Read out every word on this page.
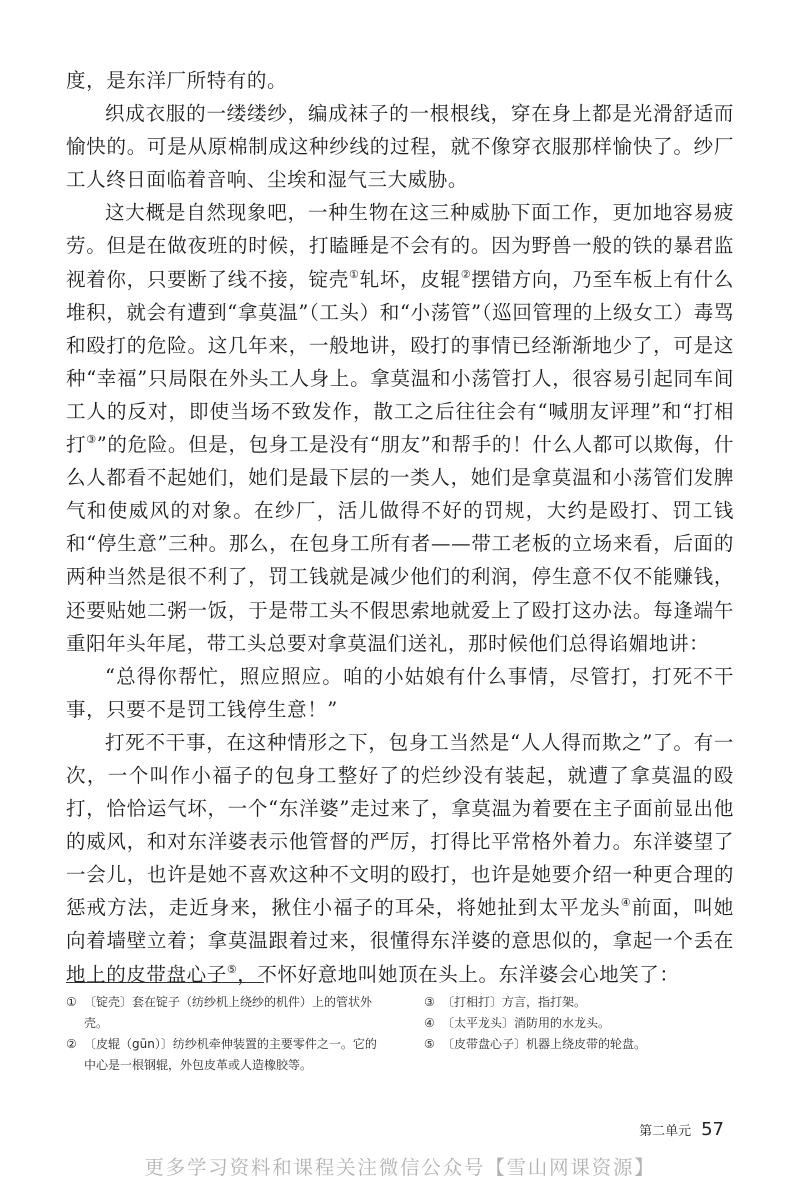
度，是东洋厂所特有的。

织成衣服的一缕缕纱，编成袜子的一根根线，穿在身上都是光滑舒适而愉快的。可是从原棉制成这种纱线的过程，就不像穿衣服那样愉快了。纱厂工人终日面临着音响、尘埃和湿气三大威胁。

这大概是自然现象吧，一种生物在这三种威胁下面工作，更加地容易疲劳。但是在做夜班的时候，打瞌睡是不会有的。因为野兽一般的铁的暴君监视着你，只要断了线不接，锭壳①轧坏，皮辊②摆错方向，乃至车板上有什么堆积，就会有遭到“拿莫温”（工头）和“小荡管”（巡回管理的上级女工）毒骂和殴打的危险。这几年来，一般地讲，殴打的事情已经渐渐地少了，可是这种“幸福”只局限在外头工人身上。拿莫温和小荡管打人，很容易引起同车间工人的反对，即使当场不致发作，散工之后往往会有“喊朋友评理”和“打相打③”的危险。但是，包身工是没有“朋友”和帮手的！什么人都可以欺侮，什么人都看不起她们，她们是最下层的一类人，她们是拿莫温和小荡管们发脾气和使威风的对象。在纱厂，活儿做得不好的罚规，大约是殴打、罚工钱和“停生意”三种。那么，在包身工所有者——带工老板的立场来看，后面的两种当然是很不利了，罚工钱就是减少他们的利润，停生意不仅不能赚钱，还要贴她二粥一饭，于是带工头不假思索地就爱上了殴打这办法。每逢端午重阳年头年尾，带工头总要对拿莫温们送礼，那时候他们总得谄媚地讲：

“总得你帮忙，照应照应。咱的小姑娘有什么事情，尽管打，打死不干事，只要不是罚工钱停生意！”

打死不干事，在这种情形之下，包身工当然是“人人得而欺之”了。有一次，一个叫作小福子的包身工整好了的烂纱没有装起，就遭了拿莫温的殴打，恰恰运气坏，一个“东洋婆”走过来了，拿莫温为着要在主子面前显出他的威风，和对东洋婆表示他管督的严厉，打得比平常格外着力。东洋婆望了一会儿，也许是她不喜欢这种不文明的殴打，也许是她要介绍一种更合理的惩戒方法，走近身来，揪住小福子的耳朵，将她扯到太平龙头④前面，叫她向着墙壁立着；拿莫温跟着过来，很懂得东洋婆的意思似的，拿起一个丢在地上的皮带盘心子⑤，不怀好意地叫她顶在头上。东洋婆会心地笑了：

① 〔锭壳〕套在锭子（纺纱机上绕纱的机件）上的管状外壳。
② 〔皮辊（gūn）〕纺纱机牵伸装置的主要零件之一。它的中心是一根钢辊，外包皮革或人造橡胶等。
③ 〔打相打〕方言，指打架。
④ 〔太平龙头〕消防用的水龙头。
⑤ 〔皮带盘心子〕机器上绕皮带的轮盘。
第二单元 57
更多学习资料和课程关注微信公众号【雪山网课资源】
